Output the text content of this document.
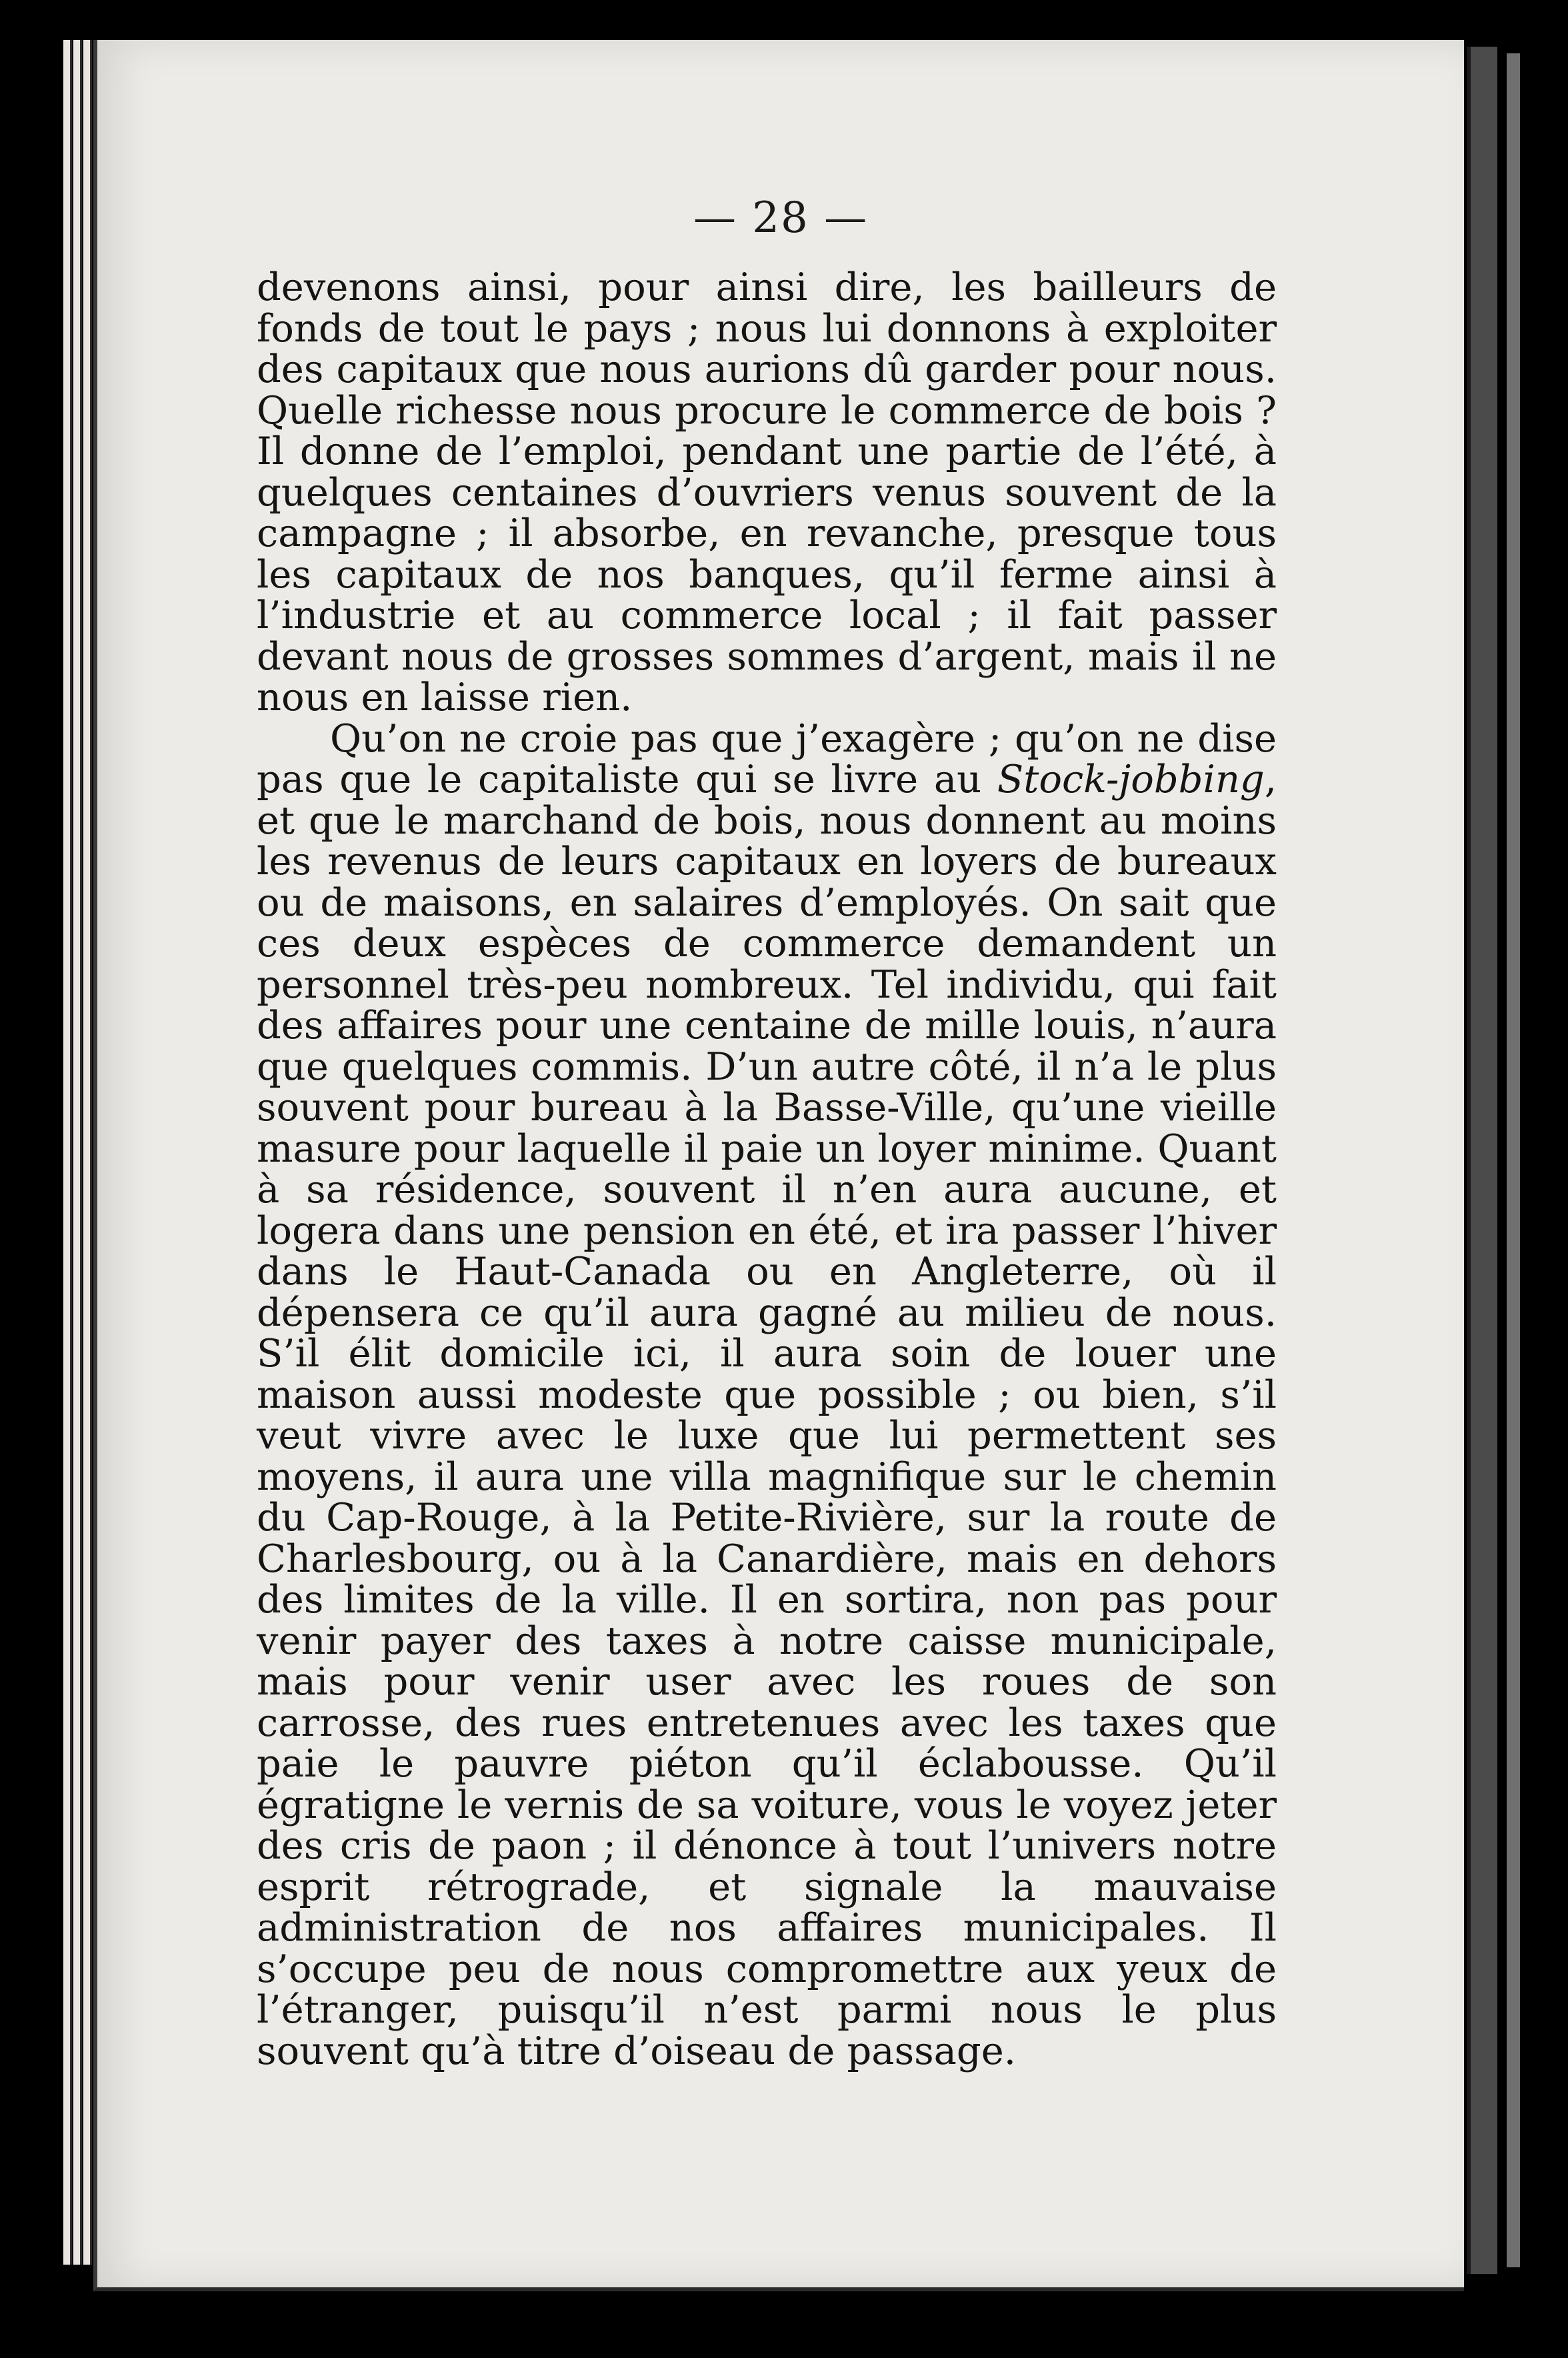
— 28 —

devenons ainsi, pour ainsi dire, les bailleurs de fonds de tout le pays ; nous lui donnons à exploiter des capitaux que nous aurions dû garder pour nous. Quelle richesse nous procure le commerce de bois ? Il donne de l’emploi, pendant une partie de l’été, à quelques centaines d’ouvriers venus souvent de la campagne ; il absorbe, en revanche, presque tous les capitaux de nos banques, qu’il ferme ainsi à l’industrie et au commerce local ; il fait passer devant nous de grosses sommes d’argent, mais il ne nous en laisse rien.

Qu’on ne croie pas que j’exagère ; qu’on ne dise pas que le capitaliste qui se livre au Stock-jobbing, et que le marchand de bois, nous donnent au moins les revenus de leurs capitaux en loyers de bureaux ou de maisons, en salaires d’employés. On sait que ces deux espèces de commerce demandent un personnel très-peu nombreux. Tel individu, qui fait des affaires pour une centaine de mille louis, n’aura que quelques commis. D’un autre côté, il n’a le plus souvent pour bureau à la Basse-Ville, qu’une vieille masure pour laquelle il paie un loyer minime. Quant à sa résidence, souvent il n’en aura aucune, et logera dans une pension en été, et ira passer l’hiver dans le Haut-Canada ou en Angleterre, où il dépensera ce qu’il aura gagné au milieu de nous. S’il élit domicile ici, il aura soin de louer une maison aussi modeste que possible ; ou bien, s’il veut vivre avec le luxe que lui permettent ses moyens, il aura une villa magnifique sur le chemin du Cap-Rouge, à la Petite-Rivière, sur la route de Charlesbourg, ou à la Canardière, mais en dehors des limites de la ville. Il en sortira, non pas pour venir payer des taxes à notre caisse municipale, mais pour venir user avec les roues de son carrosse, des rues entretenues avec les taxes que paie le pauvre piéton qu’il éclabousse. Qu’il égratigne le vernis de sa voiture, vous le voyez jeter des cris de paon ; il dénonce à tout l’univers notre esprit rétrograde, et signale la mauvaise administration de nos affaires municipales. Il s’occupe peu de nous compromettre aux yeux de l’étranger, puisqu’il n’est parmi nous le plus souvent qu’à titre d’oiseau de passage.
